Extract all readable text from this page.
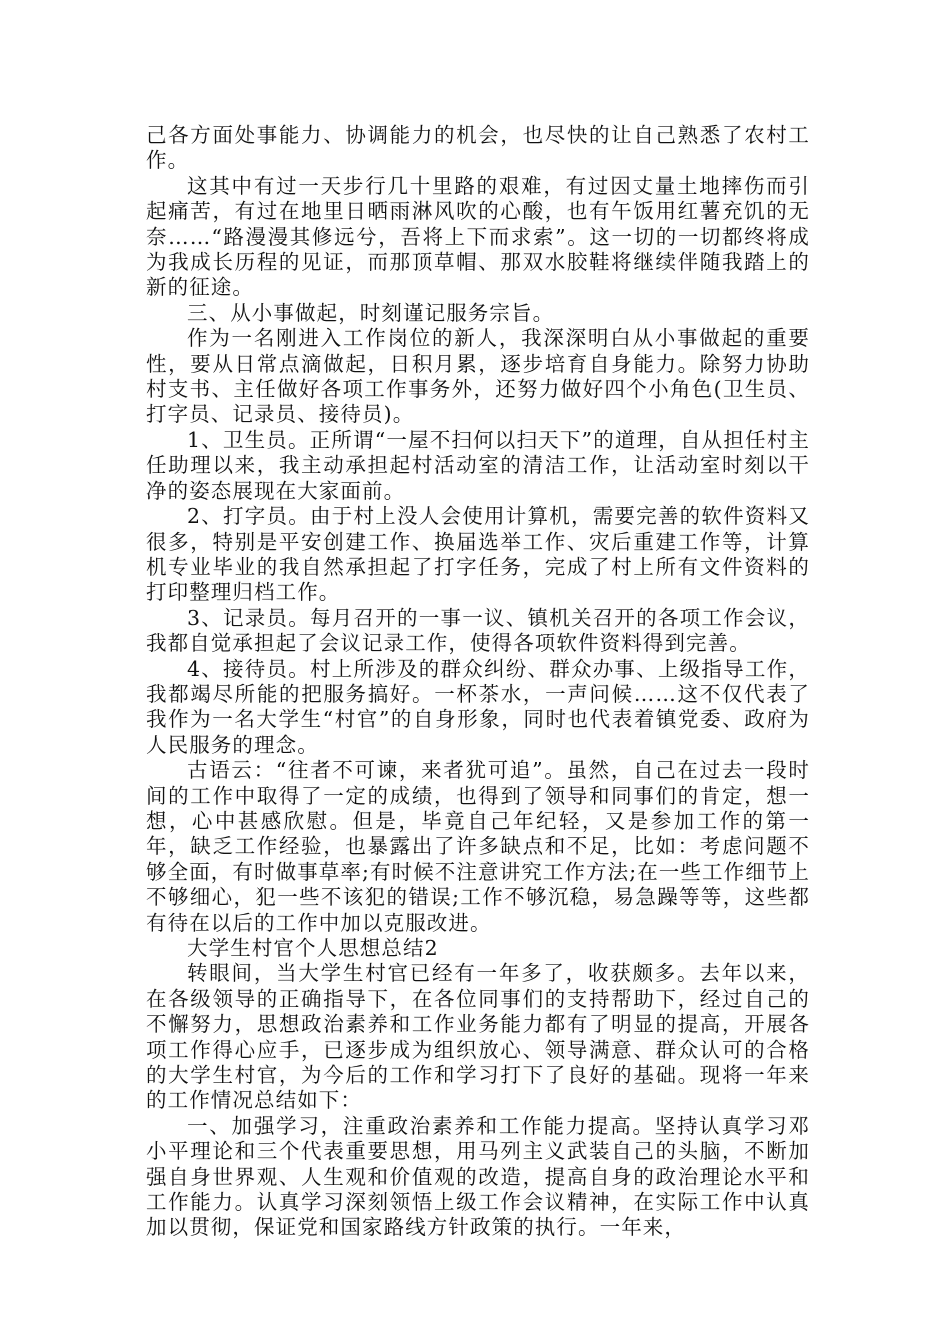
己各方面处事能力、协调能力的机会，也尽快的让自己熟悉了农村工作。

这其中有过一天步行几十里路的艰难，有过因丈量土地摔伤而引起痛苦，有过在地里日晒雨淋风吹的心酸，也有午饭用红薯充饥的无奈……“路漫漫其修远兮，吾将上下而求索”。这一切的一切都终将成为我成长历程的见证，而那顶草帽、那双水胶鞋将继续伴随我踏上的新的征途。

三、从小事做起，时刻谨记服务宗旨。

作为一名刚进入工作岗位的新人，我深深明白从小事做起的重要性，要从日常点滴做起，日积月累，逐步培育自身能力。除努力协助村支书、主任做好各项工作事务外，还努力做好四个小角色(卫生员、打字员、记录员、接待员)。

1、卫生员。正所谓“一屋不扫何以扫天下”的道理，自从担任村主任助理以来，我主动承担起村活动室的清洁工作，让活动室时刻以干净的姿态展现在大家面前。

2、打字员。由于村上没人会使用计算机，需要完善的软件资料又很多，特别是平安创建工作、换届选举工作、灾后重建工作等，计算机专业毕业的我自然承担起了打字任务，完成了村上所有文件资料的打印整理归档工作。

3、记录员。每月召开的一事一议、镇机关召开的各项工作会议，我都自觉承担起了会议记录工作，使得各项软件资料得到完善。

4、接待员。村上所涉及的群众纠纷、群众办事、上级指导工作，我都竭尽所能的把服务搞好。一杯茶水，一声问候……这不仅代表了我作为一名大学生“村官”的自身形象，同时也代表着镇党委、政府为人民服务的理念。

古语云：“往者不可谏，来者犹可追”。虽然，自己在过去一段时间的工作中取得了一定的成绩，也得到了领导和同事们的肯定，想一想，心中甚感欣慰。但是，毕竟自己年纪轻，又是参加工作的第一年，缺乏工作经验，也暴露出了许多缺点和不足，比如：考虑问题不够全面，有时做事草率;有时候不注意讲究工作方法;在一些工作细节上不够细心，犯一些不该犯的错误;工作不够沉稳，易急躁等等，这些都有待在以后的工作中加以克服改进。

大学生村官个人思想总结2

转眼间，当大学生村官已经有一年多了，收获颇多。去年以来，在各级领导的正确指导下，在各位同事们的支持帮助下，经过自己的不懈努力，思想政治素养和工作业务能力都有了明显的提高，开展各项工作得心应手，已逐步成为组织放心、领导满意、群众认可的合格的大学生村官，为今后的工作和学习打下了良好的基础。现将一年来的工作情况总结如下：

一、加强学习，注重政治素养和工作能力提高。坚持认真学习邓小平理论和三个代表重要思想，用马列主义武装自己的头脑，不断加强自身世界观、人生观和价值观的改造，提高自身的政治理论水平和工作能力。认真学习深刻领悟上级工作会议精神，在实际工作中认真加以贯彻，保证党和国家路线方针政策的执行。一年来，
